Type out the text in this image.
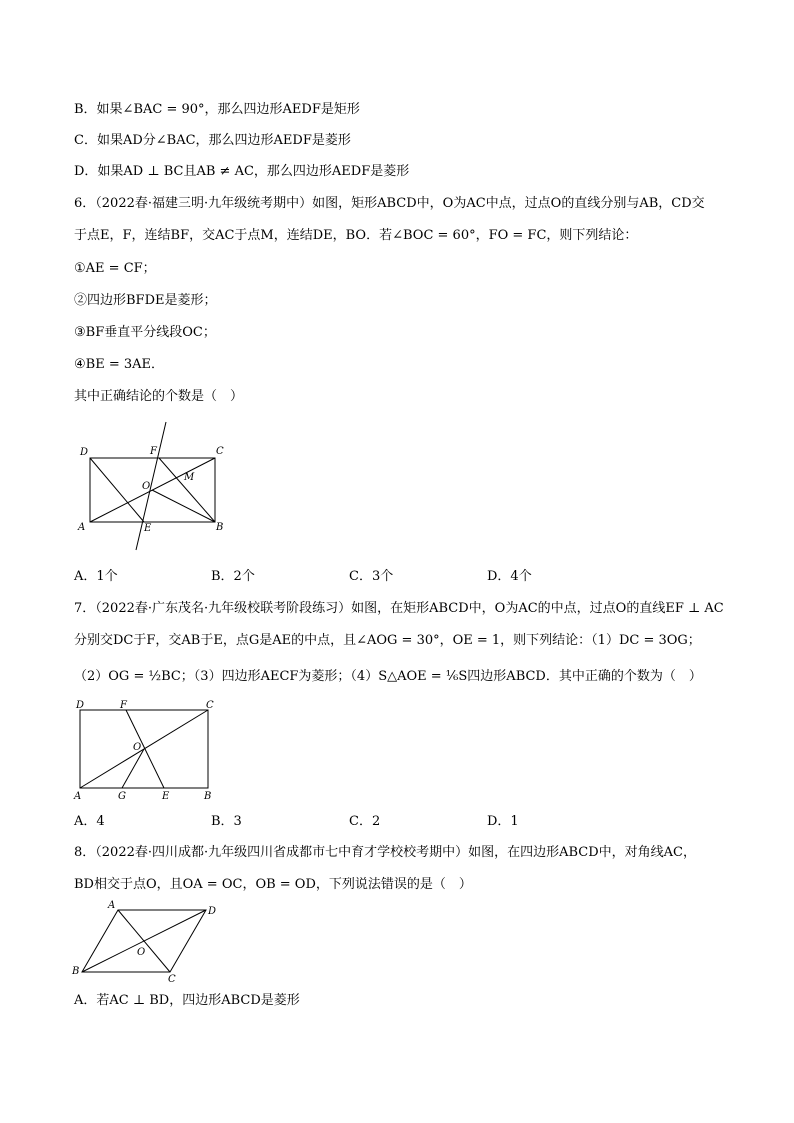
B．如果∠BAC = 90°，那么四边形AEDF是矩形
C．如果AD分∠BAC，那么四边形AEDF是菱形
D．如果AD ⊥ BC且AB ≠ AC，那么四边形AEDF是菱形
6．（2022春·福建三明·九年级统考期中）如图，矩形ABCD中，O为AC中点，过点O的直线分别与AB，CD交
于点E，F，连结BF，交AC于点M，连结DE，BO．若∠BOC = 60°，FO = FC，则下列结论：
①AE = CF；
②四边形BFDE是菱形；
③BF垂直平分线段OC；
④BE = 3AE．
其中正确结论的个数是（　）
D	F	C
M
O
A	E	B
A．1个	B．2个	C．3个	D．4个
7．（2022春·广东茂名·九年级校联考阶段练习）如图，在矩形ABCD中，O为AC的中点，过点O的直线EF ⊥ AC
分别交DC于F，交AB于E，点G是AE的中点，且∠AOG = 30°，OE = 1，则下列结论：（1）DC = 3OG；
（2）OG = ½BC；（3）四边形AECF为菱形；（4）S△AOE = ⅙S四边形ABCD．其中正确的个数为（　）
D	F	C
O
A	G	E	B
A．4	B．3	C．2	D．1
8．（2022春·四川成都·九年级四川省成都市七中育才学校校考期中）如图，在四边形ABCD中，对角线AC，
BD相交于点O，且OA = OC，OB = OD，下列说法错误的是（　）
A
D
O
B
C
A．若AC ⊥ BD，四边形ABCD是菱形
